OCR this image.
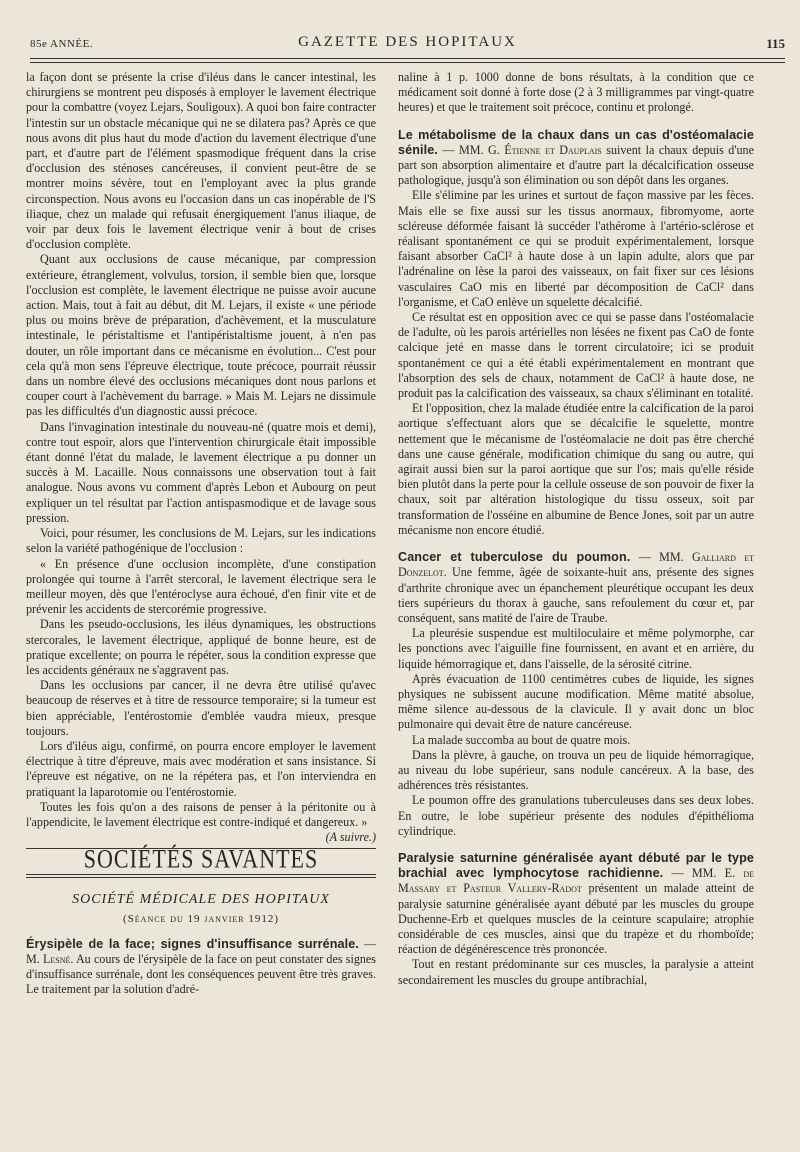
85e ANNÉE.	GAZETTE DES HOPITAUX	115

la façon dont se présente la crise d'iléus dans le cancer intestinal, les chirurgiens se montrent peu disposés à employer le lavement électrique pour la combattre (voyez Lejars, Soulìgoux). A quoi bon faire contracter l'intestin sur un obstacle mécanique qui ne se dilatera pas? Après ce que nous avons dit plus haut du mode d'action du lavement électrique d'une part, et d'autre part de l'élément spasmodique fréquent dans la crise d'occlusion des sténoses cancéreuses, il convient peut-être de se montrer moins sévère, tout en l'employant avec la plus grande circonspection. Nous avons eu l'occasion dans un cas inopérable de l'S iliaque, chez un malade qui refusait énergiquement l'anus iliaque, de voir par deux fois le lavement électrique venir à bout de crises d'occlusion complète.

Quant aux occlusions de cause mécanique, par compression extérieure, étranglement, volvulus, torsion, il semble bien que, lorsque l'occlusion est complète, le lavement électrique ne puisse avoir aucune action. Mais, tout à fait au début, dit M. Lejars, il existe « une période plus ou moins brève de préparation, d'achèvement, et la musculature intestinale, le péristaltisme et l'antipéristaltisme jouent, à n'en pas douter, un rôle important dans ce mécanisme en évolution... C'est pour cela qu'à mon sens l'épreuve électrique, toute précoce, pourrait réussir dans un nombre élevé des occlusions mécaniques dont nous parlons et couper court à l'achèvement du barrage. » Mais M. Lejars ne dissimule pas les difficultés d'un diagnostic aussi précoce.

Dans l'invagination intestinale du nouveau-né (quatre mois et demi), contre tout espoir, alors que l'intervention chirurgicale était impossible étant donné l'état du malade, le lavement électrique a pu donner un succès à M. Lacaille. Nous connaissons une observation tout à fait analogue. Nous avons vu comment d'après Lebon et Aubourg on peut expliquer un tel résultat par l'action antispasmodique et de lavage sous pression.

Voici, pour résumer, les conclusions de M. Lejars, sur les indications selon la variété pathogénique de l'occlusion :

« En présence d'une occlusion incomplète, d'une constipation prolongée qui tourne à l'arrêt stercoral, le lavement électrique sera le meilleur moyen, dès que l'entéroclyse aura échoué, d'en finir vite et de prévenir les accidents de stercorémie progressive.

Dans les pseudo-occlusions, les iléus dynamiques, les obstructions stercorales, le lavement électrique, appliqué de bonne heure, est de pratique excellente; on pourra le répéter, sous la condition expresse que les accidents généraux ne s'aggravent pas.

Dans les occlusions par cancer, il ne devra être utilisé qu'avec beaucoup de réserves et à titre de ressource temporaire; si la tumeur est bien appréciable, l'entérostomie d'emblée vaudra mieux, presque toujours.

Lors d'iléus aigu, confirmé, on pourra encore employer le lavement électrique à titre d'épreuve, mais avec modération et sans insistance. Si l'épreuve est négative, on ne la répétera pas, et l'on interviendra en pratiquant la laparotomie ou l'entérostomie.

Toutes les fois qu'on a des raisons de penser à la péritonite ou à l'appendicite, le lavement électrique est contre-indiqué et dangereux. »
(A suivre.)

SOCIÉTÉS SAVANTES
SOCIÉTÉ MÉDICALE DES HOPITAUX
(Séance du 19 janvier 1912)

Érysipèle de la face; signes d'insuffisance surrénale. — M. Lesné. Au cours de l'érysipèle de la face on peut constater des signes d'insuffisance surrénale, dont les conséquences peuvent être très graves. Le traitement par la solution d'adré-

naline à 1 p. 1000 donne de bons résultats, à la condition que ce médicament soit donné à forte dose (2 à 3 milligrammes par vingt-quatre heures) et que le traitement soit précoce, continu et prolongé.

Le métabolisme de la chaux dans un cas d'ostéomalacie sénile. — MM. G. Étienne et Dauplais suivent la chaux depuis d'une part son absorption alimentaire et d'autre part la décalcification osseuse pathologique, jusqu'à son élimination ou son dépôt dans les organes.

Elle s'élimine par les urines et surtout de façon massive par les fèces. Mais elle se fixe aussi sur les tissus anormaux, fibromyome, aorte scléreuse déformée faisant là succéder l'athérome à l'artério-sclérose et réalisant spontanément ce qui se produit expérimentalement, lorsque faisant absorber CaCl² à haute dose à un lapin adulte, alors que par l'adrénaline on lèse la paroi des vaisseaux, on fait fixer sur ces lésions vasculaires CaO mis en liberté par décomposition de CaCl² dans l'organisme, et CaO enlève un squelette décalcifié.

Ce résultat est en opposition avec ce qui se passe dans l'ostéomalacie de l'adulte, où les parois artérielles non lésées ne fixent pas CaO de fonte calcique jeté en masse dans le torrent circulatoire; ici se produit spontanément ce qui a été établi expérimentalement en montrant que l'absorption des sels de chaux, notamment de CaCl² à haute dose, ne produit pas la calcification des vaisseaux, sa chaux s'éliminant en totalité.

Et l'opposition, chez la malade étudiée entre la calcification de la paroi aortique s'effectuant alors que se décalcifie le squelette, montre nettement que le mécanisme de l'ostéomalacie ne doit pas être cherché dans une cause générale, modification chimique du sang ou autre, qui agirait aussi bien sur la paroi aortique que sur l'os; mais qu'elle réside bien plutôt dans la perte pour la cellule osseuse de son pouvoir de fixer la chaux, soit par altération histologique du tissu osseux, soit par transformation de l'osséine en albumine de Bence Jones, soit par un autre mécanisme non encore étudié.

Cancer et tuberculose du poumon. — MM. Galliard et Donzelot. Une femme, âgée de soixante-huit ans, présente des signes d'arthrite chronique avec un épanchement pleurétique occupant les deux tiers supérieurs du thorax à gauche, sans refoulement du cœur et, par conséquent, sans matité de l'aire de Traube.

La pleurésie suspendue est multiloculaire et même polymorphe, car les ponctions avec l'aiguille fine fournissent, en avant et en arrière, du liquide hémorragique et, dans l'aisselle, de la sérosité citrine.

Après évacuation de 1100 centimètres cubes de liquide, les signes physiques ne subissent aucune modification. Même matité absolue, même silence au-dessous de la clavicule. Il y avait donc un bloc pulmonaire qui devait être de nature cancéreuse.

La malade succomba au bout de quatre mois.

Dans la plèvre, à gauche, on trouva un peu de liquide hémorragique, au niveau du lobe supérieur, sans nodule cancéreux. A la base, des adhérences très résistantes.

Le poumon offre des granulations tuberculeuses dans ses deux lobes. En outre, le lobe supérieur présente des nodules d'épithélioma cylindrique.

Paralysie saturnine généralisée ayant débuté par le type brachial avec lymphocytose rachidienne. — MM. E. de Massary et Pasteur Vallery-Radot présentent un malade atteint de paralysie saturnine généralisée ayant débuté par les muscles du groupe Duchenne-Erb et quelques muscles de la ceinture scapulaire; atrophie considérable de ces muscles, ainsi que du trapèze et du rhomboïde; réaction de dégénérescence très prononcée.

Tout en restant prédominante sur ces muscles, la paralysie a atteint secondairement les muscles du groupe antibrachial,
